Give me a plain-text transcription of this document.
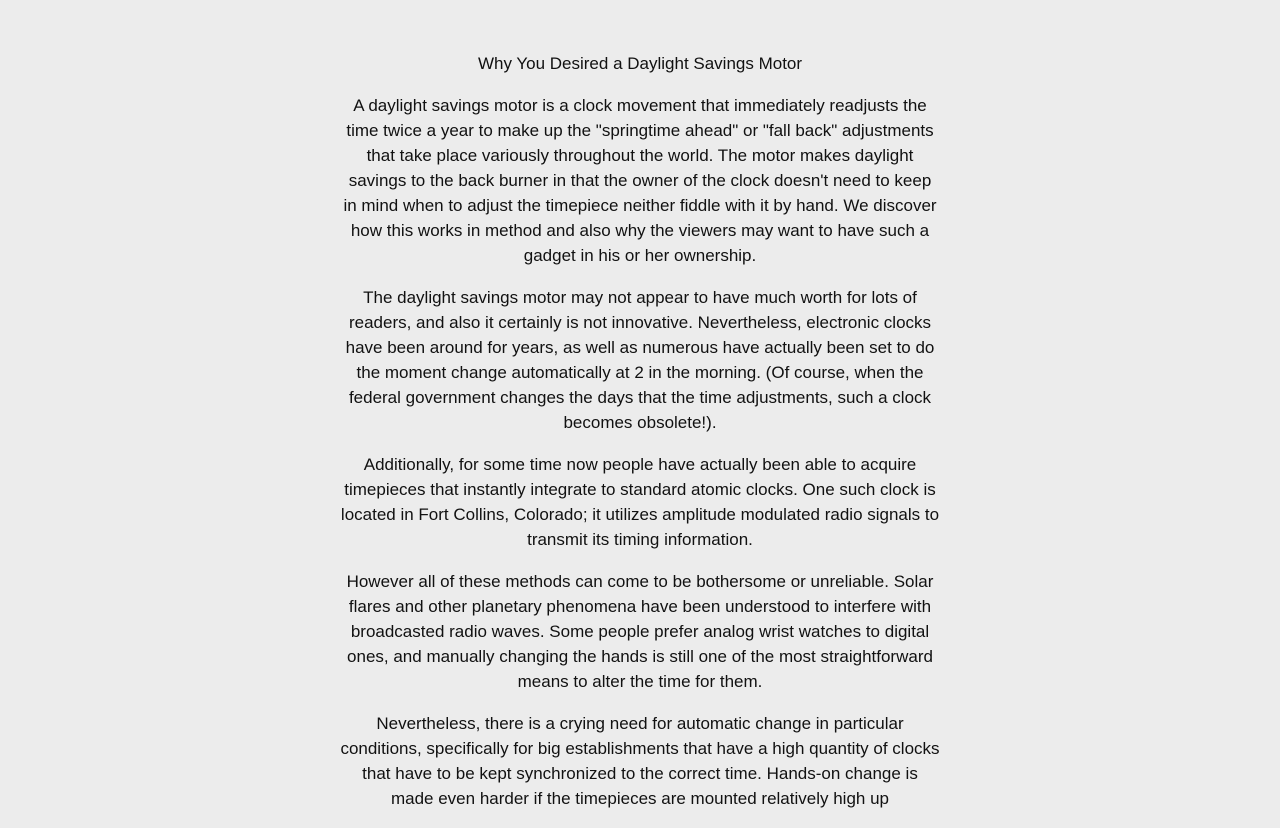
Why You Desired a Daylight Savings Motor

A daylight savings motor is a clock movement that immediately readjusts the time twice a year to make up the "springtime ahead" or "fall back" adjustments that take place variously throughout the world. The motor makes daylight savings to the back burner in that the owner of the clock doesn't need to keep in mind when to adjust the timepiece neither fiddle with it by hand. We discover how this works in method and also why the viewers may want to have such a gadget in his or her ownership.

The daylight savings motor may not appear to have much worth for lots of readers, and also it certainly is not innovative. Nevertheless, electronic clocks have been around for years, as well as numerous have actually been set to do the moment change automatically at 2 in the morning. (Of course, when the federal government changes the days that the time adjustments, such a clock becomes obsolete!).

Additionally, for some time now people have actually been able to acquire timepieces that instantly integrate to standard atomic clocks. One such clock is located in Fort Collins, Colorado; it utilizes amplitude modulated radio signals to transmit its timing information.

However all of these methods can come to be bothersome or unreliable. Solar flares and other planetary phenomena have been understood to interfere with broadcasted radio waves. Some people prefer analog wrist watches to digital ones, and manually changing the hands is still one of the most straightforward means to alter the time for them.

Nevertheless, there is a crying need for automatic change in particular conditions, specifically for big establishments that have a high quantity of clocks that have to be kept synchronized to the correct time. Hands-on change is made even harder if the timepieces are mounted relatively high up
